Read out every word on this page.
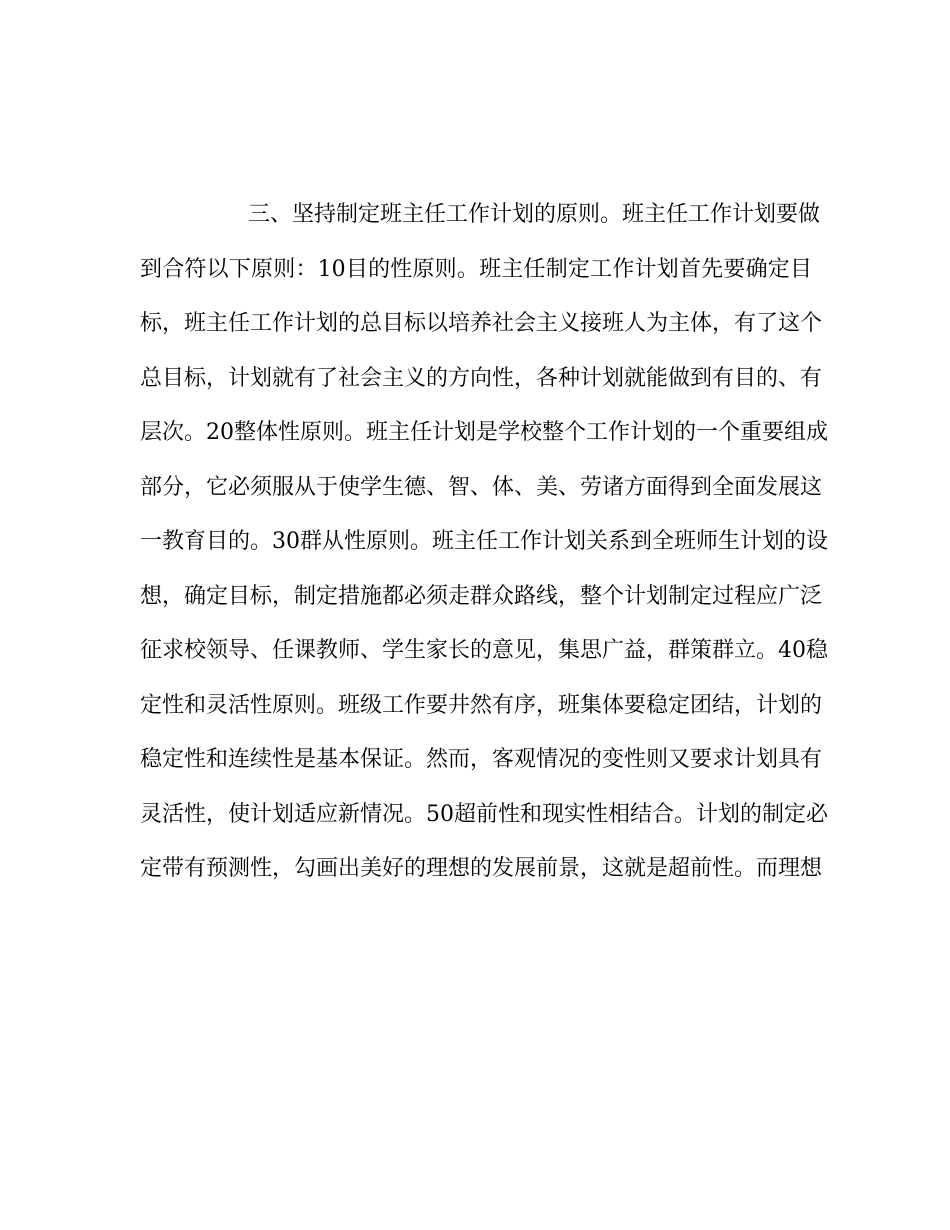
三、坚持制定班主任工作计划的原则。班主任工作计划要做
到合符以下原则：10目的性原则。班主任制定工作计划首先要确定目
标，班主任工作计划的总目标以培养社会主义接班人为主体，有了这个
总目标，计划就有了社会主义的方向性，各种计划就能做到有目的、有
层次。20整体性原则。班主任计划是学校整个工作计划的一个重要组成
部分，它必须服从于使学生德、智、体、美、劳诸方面得到全面发展这
一教育目的。30群从性原则。班主任工作计划关系到全班师生计划的设
想，确定目标，制定措施都必须走群众路线，整个计划制定过程应广泛
征求校领导、任课教师、学生家长的意见，集思广益，群策群立。40稳
定性和灵活性原则。班级工作要井然有序，班集体要稳定团结，计划的
稳定性和连续性是基本保证。然而，客观情况的变性则又要求计划具有
灵活性，使计划适应新情况。50超前性和现实性相结合。计划的制定必
定带有预测性，勾画出美好的理想的发展前景，这就是超前性。而理想
